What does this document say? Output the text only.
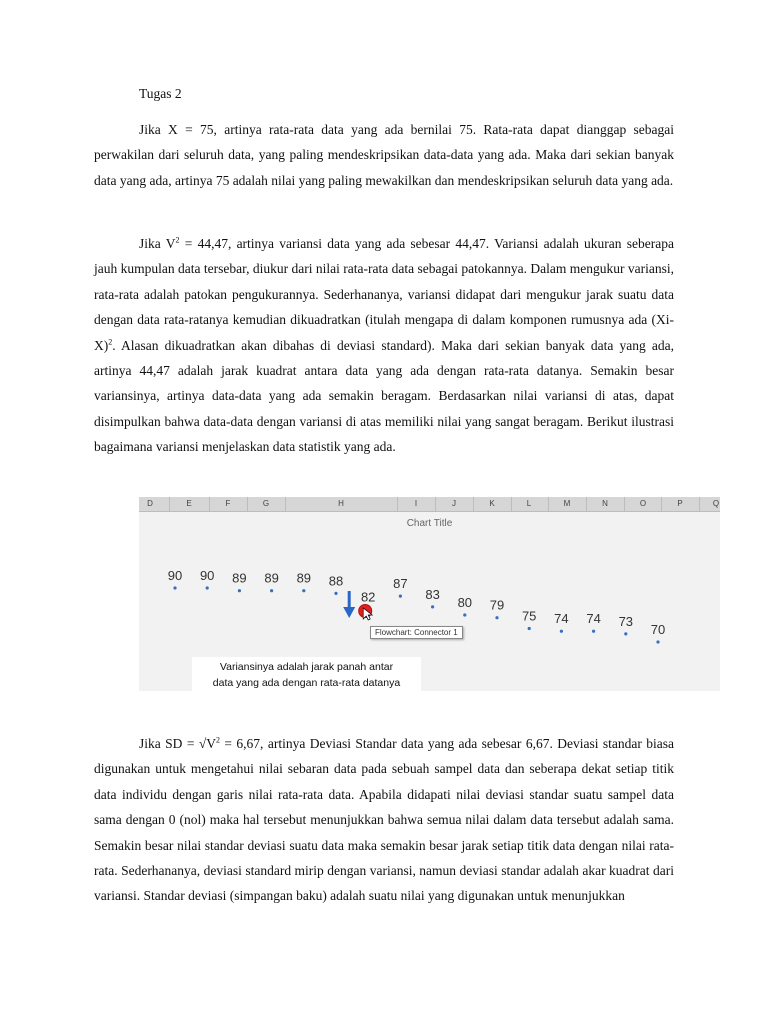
Tugas 2

Jika X = 75, artinya rata-rata data yang ada bernilai 75. Rata-rata dapat dianggap sebagai perwakilan dari seluruh data, yang paling mendeskripsikan data-data yang ada. Maka dari sekian banyak data yang ada, artinya 75 adalah nilai yang paling mewakilkan dan mendeskripsikan seluruh data yang ada.

Jika $V^2 = 44,47$, artinya variansi data yang ada sebesar 44,47. Variansi adalah ukuran seberapa jauh kumpulan data tersebar, diukur dari nilai rata-rata data sebagai patokannya. Dalam mengukur variansi, rata-rata adalah patokan pengukurannya. Sederhananya, variansi didapat dari mengukur jarak suatu data dengan data rata-ratanya kemudian dikuadratkan (itulah mengapa di dalam komponen rumusnya ada $(Xi-X)^2$. Alasan dikuadratkan akan dibahas di deviasi standard). Maka dari sekian banyak data yang ada, artinya 44,47 adalah jarak kuadrat antara data yang ada dengan rata-rata datanya. Semakin besar variansinya, artinya data-data yang ada semakin beragam. Berdasarkan nilai variansi di atas, dapat disimpulkan bahwa data-data dengan variansi di atas memiliki nilai yang sangat beragam. Berikut ilustrasi bagaimana variansi menjelaskan data statistik yang ada.

D	E	F	G	H	I	J	K	L	M	N	O	P	Q
Chart Title
90 90 89 89 89 88
82
87
83
80 79
75 74 74 73
70
Flowchart: Connector 1
Variansinya adalah jarak panah antar
data yang ada dengan rata-rata datanya

Jika SD = $√V^2 = 6,67$, artinya Deviasi Standar data yang ada sebesar 6,67. Deviasi standar biasa digunakan untuk mengetahui nilai sebaran data pada sebuah sampel data dan seberapa dekat setiap titik data individu dengan garis nilai rata-rata data. Apabila didapati nilai deviasi standar suatu sampel data sama dengan 0 (nol) maka hal tersebut menunjukkan bahwa semua nilai dalam data tersebut adalah sama. Semakin besar nilai standar deviasi suatu data maka semakin besar jarak setiap titik data dengan nilai rata-rata. Sederhananya, deviasi standard mirip dengan variansi, namun deviasi standar adalah akar kuadrat dari variansi. Standar deviasi (simpangan baku) adalah suatu nilai yang digunakan untuk menunjukkan
